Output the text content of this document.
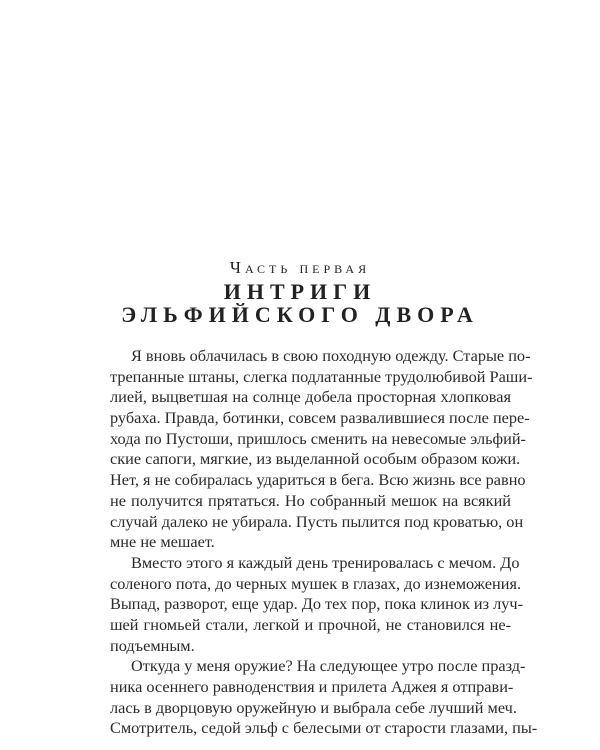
Часть первая
ИНТРИГИ
ЭЛЬФИЙСКОГО ДВОРА
Я вновь облачилась в свою походную одежду. Старые по-
трепанные штаны, слегка подлатанные трудолюбивой Раши-
лией, выцветшая на солнце добела просторная хлопковая
рубаха. Правда, ботинки, совсем развалившиеся после пере-
хода по Пустоши, пришлось сменить на невесомые эльфий-
ские сапоги, мягкие, из выделанной особым образом кожи.
Нет, я не собиралась удариться в бега. Всю жизнь все равно
не получится прятаться. Но собранный мешок на всякий
случай далеко не убирала. Пусть пылится под кроватью, он
мне не мешает.
Вместо этого я каждый день тренировалась с мечом. До
соленого пота, до черных мушек в глазах, до изнеможения.
Выпад, разворот, еще удар. До тех пор, пока клинок из луч-
шей гномьей стали, легкой и прочной, не становился не-
подъемным.
Откуда у меня оружие? На следующее утро после празд-
ника осеннего равноденствия и прилета Аджея я отправи-
лась в дворцовую оружейную и выбрала себе лучший меч.
Смотритель, седой эльф с белесыми от старости глазами, пы-
